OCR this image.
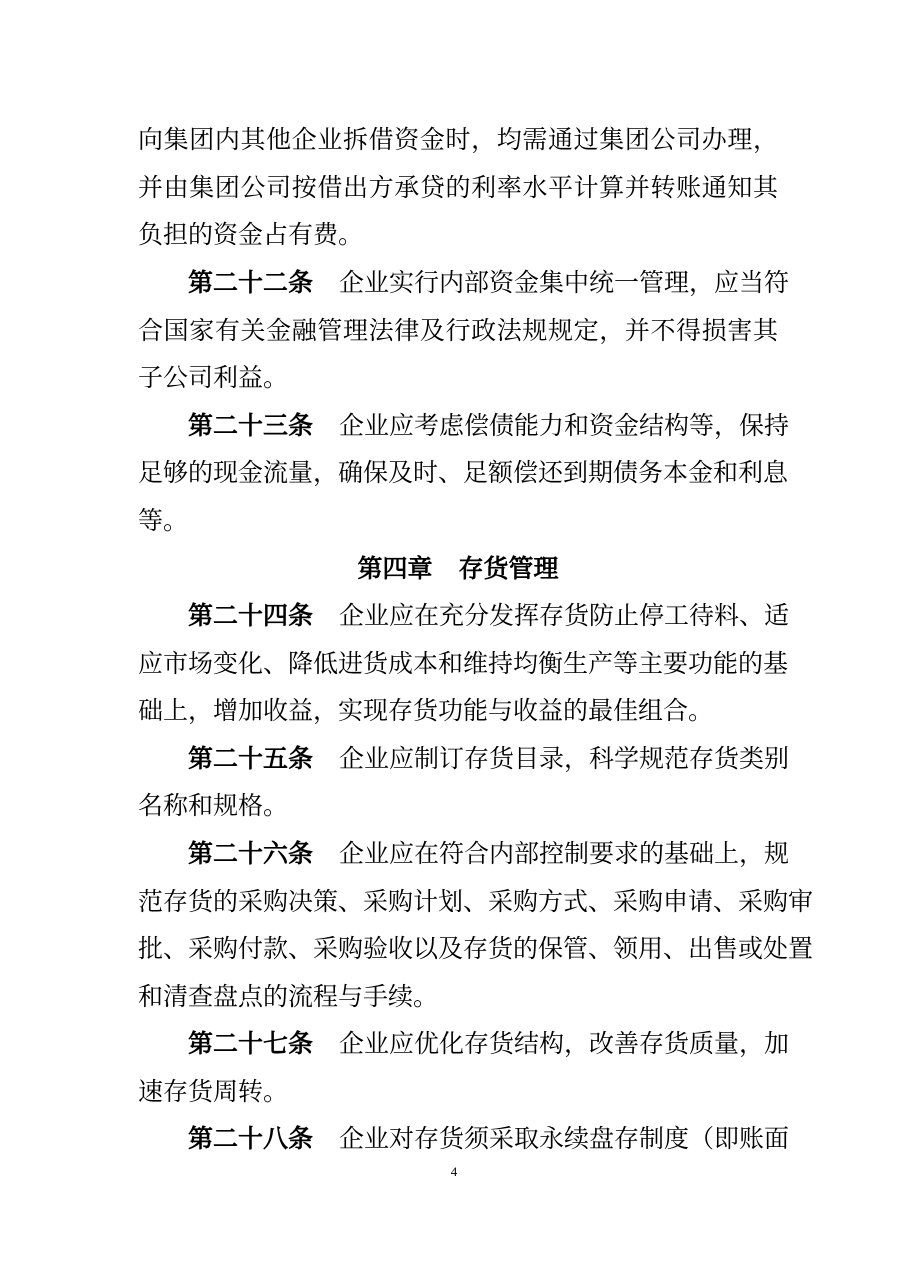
向集团内其他企业拆借资金时，均需通过集团公司办理，
并由集团公司按借出方承贷的利率水平计算并转账通知其
负担的资金占有费。
第二十二条 企业实行内部资金集中统一管理，应当符
合国家有关金融管理法律及行政法规规定，并不得损害其
子公司利益。
第二十三条 企业应考虑偿债能力和资金结构等，保持
足够的现金流量，确保及时、足额偿还到期债务本金和利息
等。
第四章 存货管理
第二十四条 企业应在充分发挥存货防止停工待料、适
应市场变化、降低进货成本和维持均衡生产等主要功能的基
础上，增加收益，实现存货功能与收益的最佳组合。
第二十五条 企业应制订存货目录，科学规范存货类别
名称和规格。
第二十六条 企业应在符合内部控制要求的基础上，规
范存货的采购决策、采购计划、采购方式、采购申请、采购审
批、采购付款、采购验收以及存货的保管、领用、出售或处置
和清查盘点的流程与手续。
第二十七条 企业应优化存货结构，改善存货质量，加
速存货周转。
第二十八条 企业对存货须采取永续盘存制度（即账面
4
